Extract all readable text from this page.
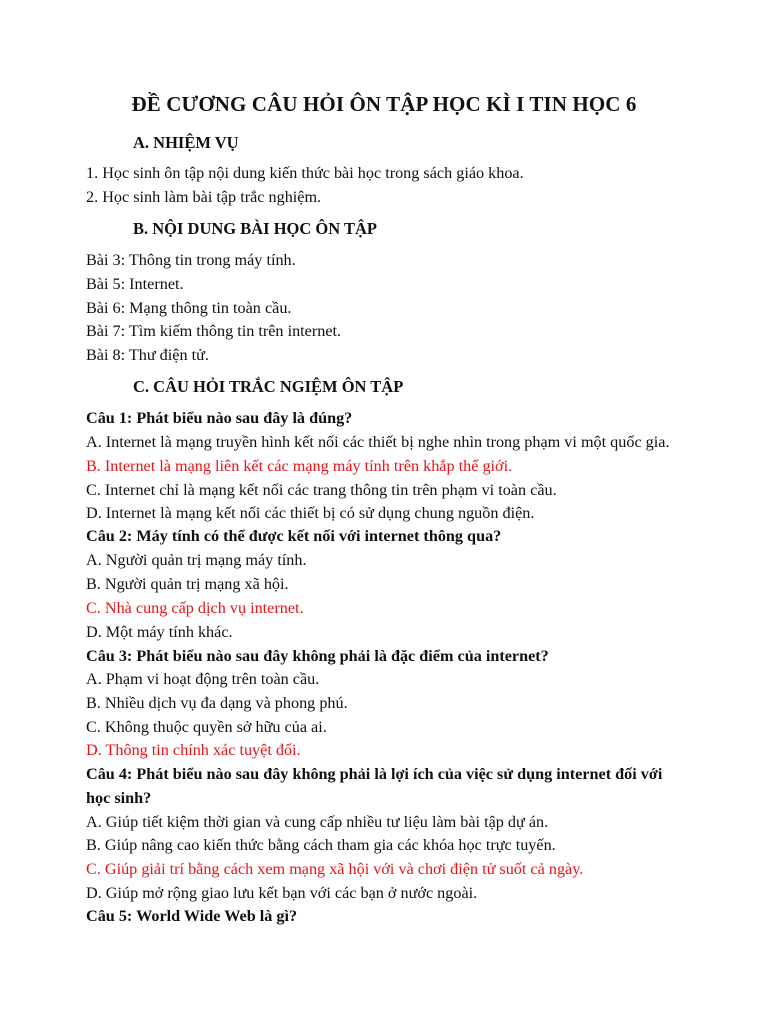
ĐỀ CƯƠNG CÂU HỎI ÔN TẬP HỌC KÌ I TIN HỌC 6
A. NHIỆM VỤ
1. Học sinh ôn tập nội dung kiến thức bài học trong sách giáo khoa.
2. Học sinh làm bài tập trắc nghiệm.
B. NỘI DUNG BÀI HỌC ÔN TẬP
Bài 3: Thông tin trong máy tính.
Bài 5: Internet.
Bài 6: Mạng thông tin toàn cầu.
Bài 7: Tìm kiếm thông tin trên internet.
Bài 8: Thư điện tử.
C. CÂU HỎI TRẮC NGIỆM ÔN TẬP
Câu 1: Phát biểu nào sau đây là đúng?
A. Internet là mạng truyền hình kết nối các thiết bị nghe nhìn trong phạm vi một quốc gia.
B. Internet là mạng liên kết các mạng máy tính trên khắp thế giới.
C. Internet chỉ là mạng kết nối các trang thông tin trên phạm vi toàn cầu.
D. Internet là mạng kết nối các thiết bị có sử dụng chung nguồn điện.
Câu 2: Máy tính có thể được kết nối với internet thông qua?
A. Người quản trị mạng máy tính.
B. Người quản trị mạng xã hội.
C. Nhà cung cấp dịch vụ internet.
D. Một máy tính khác.
Câu 3: Phát biểu nào sau đây không phải là đặc điểm của internet?
A. Phạm vi hoạt động trên toàn cầu.
B. Nhiều dịch vụ đa dạng và phong phú.
C. Không thuộc quyền sở hữu của ai.
D. Thông tin chính xác tuyệt đối.
Câu 4: Phát biểu nào sau đây không phải là lợi ích của việc sử dụng internet đối với
học sinh?
A. Giúp tiết kiệm thời gian và cung cấp nhiều tư liệu làm bài tập dự án.
B. Giúp nâng cao kiến thức bằng cách tham gia các khóa học trực tuyến.
C. Giúp giải trí bằng cách xem mạng xã hội với và chơi điện tử suốt cả ngày.
D. Giúp mở rộng giao lưu kết bạn với các bạn ở nước ngoài.
Câu 5: World Wide Web là gì?
